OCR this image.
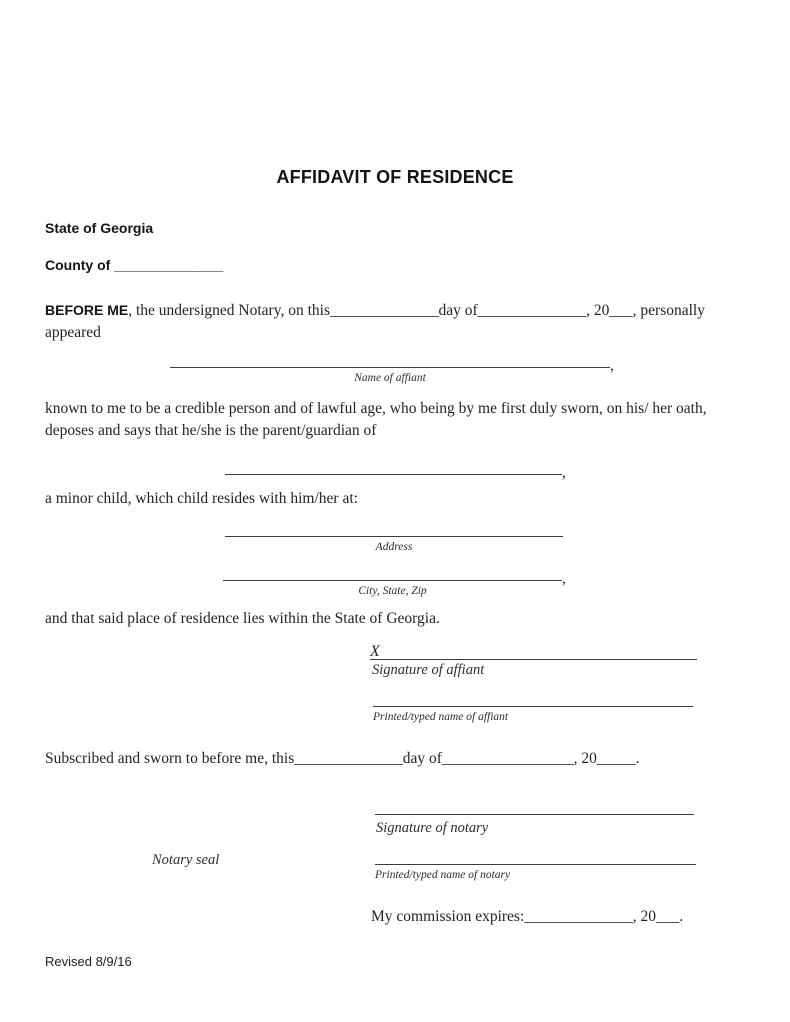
AFFIDAVIT OF RESIDENCE
State of Georgia
County of ______________
BEFORE ME, the undersigned Notary, on this______________day of______________, 20___, personally appeared
,
Name of affiant
known to me to be a credible person and of lawful age, who being by me first duly sworn, on his/ her oath, deposes and says that he/she is the parent/guardian of
,
a minor child, which child resides with him/her at:
Address
,
City, State, Zip
and that said place of residence lies within the State of Georgia.
X
Signature of affiant
Printed/typed name of affiant
Subscribed and sworn to before me, this______________day of_________________, 20_____.
Signature of notary
Notary seal
Printed/typed name of notary
My commission expires:______________, 20___.
Revised 8/9/16
